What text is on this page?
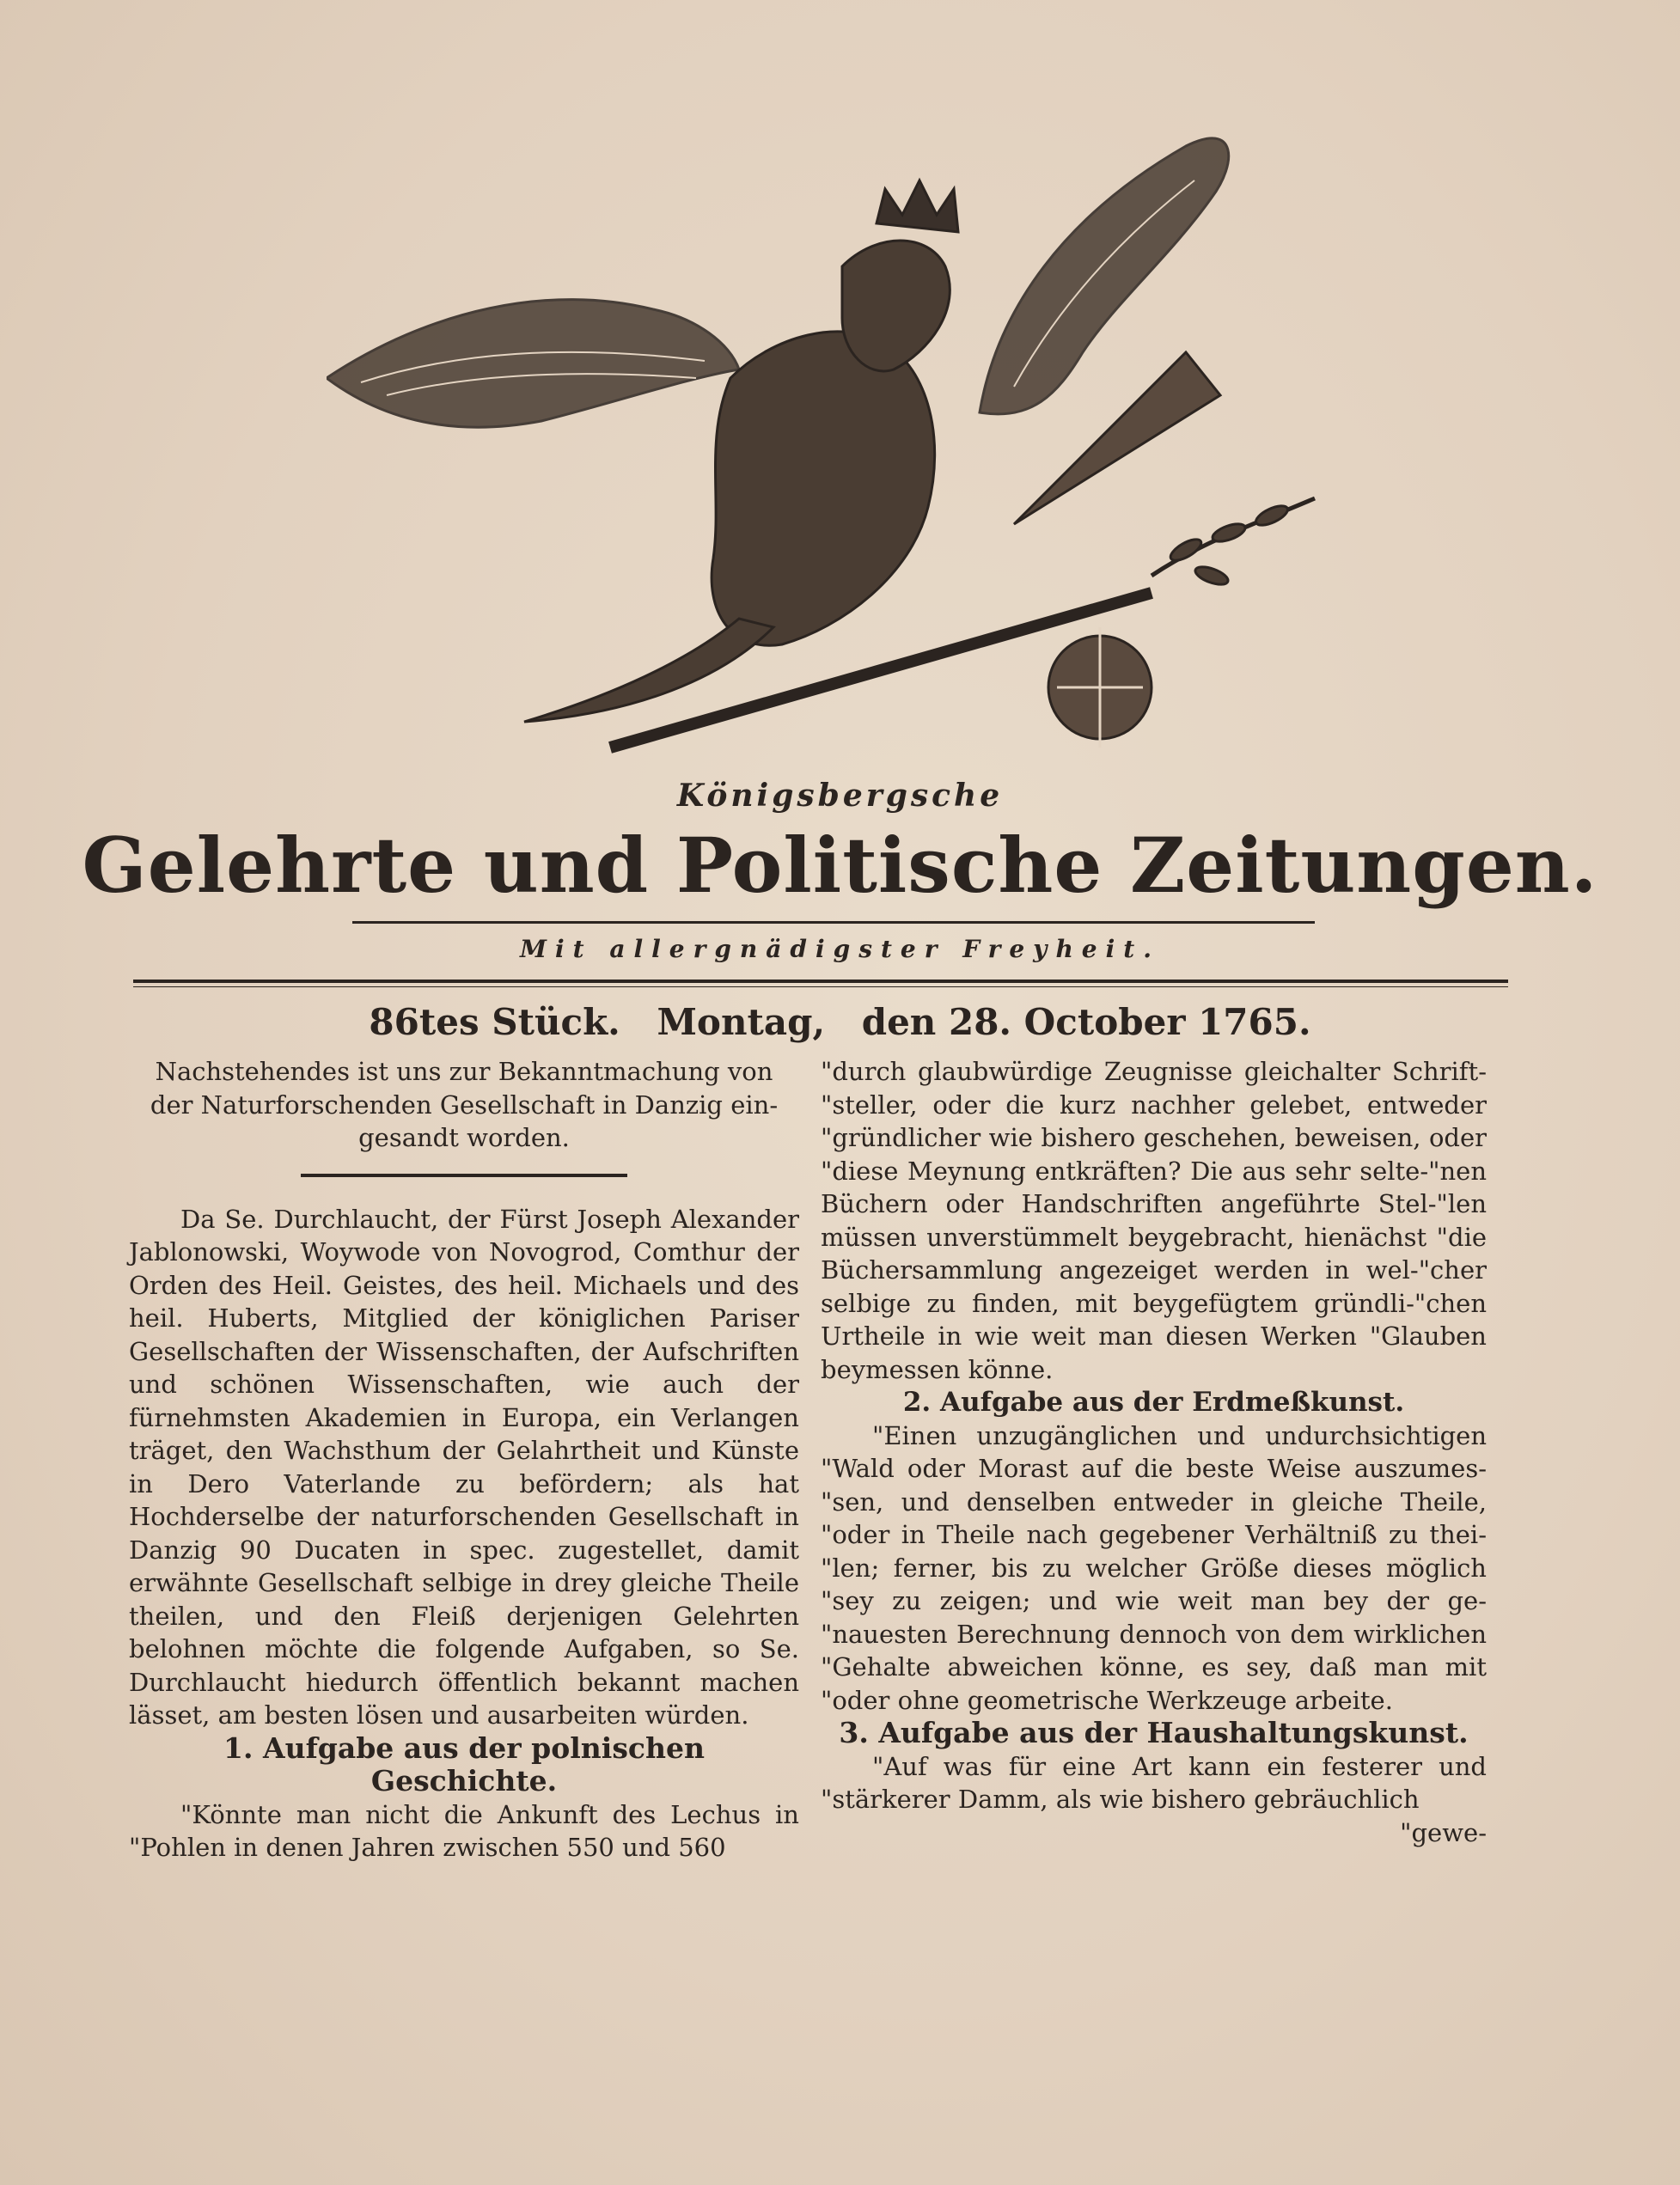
Königsbergsche
Gelehrte und Politische Zeitungen.
Mit allergnädigster Freyheit.
86tes Stück. Montag, den 28. October 1765.

Nachstehendes ist uns zur Bekanntmachung von

der Naturforschenden Gesellschaft in Danzig ein-

gesandt worden.

Da Se. Durchlaucht, der Fürst Joseph Alexander Jablonowski, Woywode von Novogrod, Comthur der Orden des Heil. Geistes, des heil. Michaels und des heil. Huberts, Mitglied der königlichen Pariser Gesellschaften der Wissenschaften, der Aufschriften und schönen Wissenschaften, wie auch der fürnehmsten Akademien in Europa, ein Verlangen träget, den Wachsthum der Gelahrtheit und Künste in Dero Vaterlande zu befördern; als hat Hochderselbe der naturforschenden Gesellschaft in Danzig 90 Ducaten in spec. zugestellet, damit erwähnte Gesellschaft selbige in drey gleiche Theile theilen, und den Fleiß derjenigen Gelehrten belohnen möchte die folgende Aufgaben, so Se. Durchlaucht hiedurch öffentlich bekannt machen lässet, am besten lösen und ausarbeiten würden.

1. Aufgabe aus der polnischen Geschichte.

"Könnte man nicht die Ankunft des Lechus in "Pohlen in denen Jahren zwischen 550 und 560

"durch glaubwürdige Zeugnisse gleichalter Schrift-"steller, oder die kurz nachher gelebet, entweder "gründlicher wie bishero geschehen, beweisen, oder "diese Meynung entkräften? Die aus sehr selte-"nen Büchern oder Handschriften angeführte Stel-"len müssen unverstümmelt beygebracht, hienächst "die Büchersammlung angezeiget werden in wel-"cher selbige zu finden, mit beygefügtem gründli-"chen Urtheile in wie weit man diesen Werken "Glauben beymessen könne.

2. Aufgabe aus der Erdmeßkunst.

"Einen unzugänglichen und undurchsichtigen "Wald oder Morast auf die beste Weise auszumes-"sen, und denselben entweder in gleiche Theile, "oder in Theile nach gegebener Verhältniß zu thei-"len; ferner, bis zu welcher Größe dieses möglich "sey zu zeigen; und wie weit man bey der ge-"nauesten Berechnung dennoch von dem wirklichen "Gehalte abweichen könne, es sey, daß man mit "oder ohne geometrische Werkzeuge arbeite.

3. Aufgabe aus der Haushaltungskunst.

"Auf was für eine Art kann ein festerer und "stärkerer Damm, als wie bishero gebräuchlich

"gewe-
